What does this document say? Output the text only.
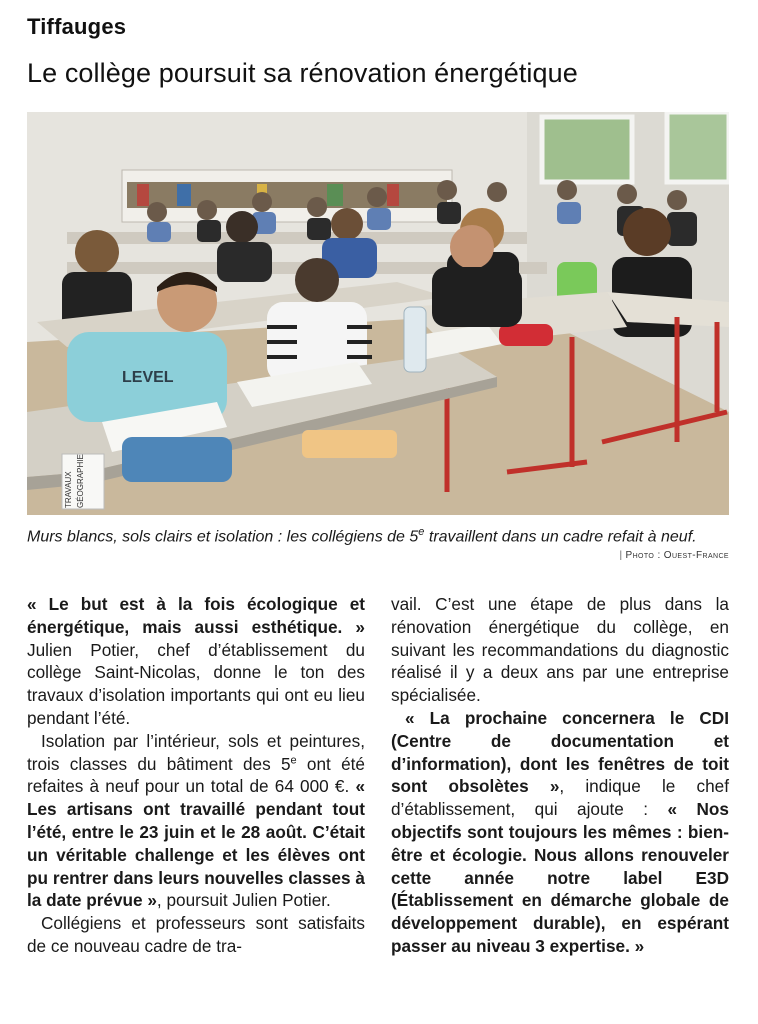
Tiffauges
Le collège poursuit sa rénovation énergétique
LEVEL
TRAVAUX GÉOGRAPHIE
Murs blancs, sols clairs et isolation : les collégiens de 5e travaillent dans un cadre refait à neuf.
| Photo : Ouest-France

« Le but est à la fois écologique et énergétique, mais aussi esthétique. » Julien Potier, chef d’établissement du collège Saint-Nicolas, donne le ton des travaux d’isolation importants qui ont eu lieu pendant l’été.

Isolation par l’intérieur, sols et peintures, trois classes du bâtiment des 5e ont été refaites à neuf pour un total de 64 000 €. « Les artisans ont travaillé pendant tout l’été, entre le 23 juin et le 28 août. C’était un véritable challenge et les élèves ont pu rentrer dans leurs nouvelles classes à la date prévue », poursuit Julien Potier.

Collégiens et professeurs sont satisfaits de ce nouveau cadre de tra-

vail. C’est une étape de plus dans la rénovation énergétique du collège, en suivant les recommandations du diagnostic réalisé il y a deux ans par une entreprise spécialisée.

« La prochaine concernera le CDI (Centre de documentation et d’information), dont les fenêtres de toit sont obsolètes », indique le chef d’établissement, qui ajoute : « Nos objectifs sont toujours les mêmes : bien-être et écologie. Nous allons renouveler cette année notre label E3D (Établissement en démarche globale de développement durable), en espérant passer au niveau 3 expertise. »
